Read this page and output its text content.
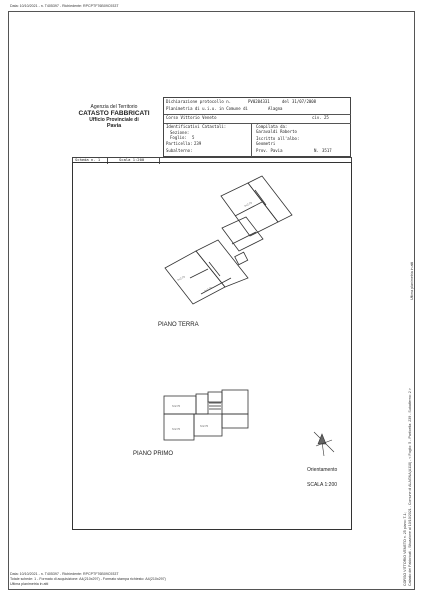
Data: 10/10/2021 - n. T405397 - Richiedente: RPCPTF76B09C933T
Agenzia del Territorio
CATASTO FABBRICATI
Ufficio Provinciale di
Pavia
Dichiarazione protocollo n.	PV0204331	del 31/07/2008
Planimetria di u.i.u. in Comune di	Alagna
Corso Vittorio Veneto	civ. 25
Identificativi Catastali:
Sezione:
Foglio: 5
Particella: 239
Subalterno:
Compilata da:
Garavaldi Roberto
Iscritto all'albo:
Geometri
Prov. Pavia	N. 3517
Scheda n. 1	Scala 1:200
h=2.70
h=2.70
h=2.70
h=2.70
h=2.70
h=2.70
PIANO TERRA
PIANO PRIMO
Orientamento
SCALA 1:200	Catasto dei Fabbricati - Situazione al 10/10/2021 - Comune di ALAGNA(A118) - < Foglio: 5 - Particella: 239 - Subalterno: 2 >
CORSO VITTORIO VENETO n. 25 piano: T-1;
Ultima planimetria in atti
Data: 10/10/2021 - n. T405397 - Richiedente: RPCPTF76B09C933T
Totale schede: 1 - Formato di acquisizione: A4(210x297) - Formato stampa richiesto: A4(210x297)
Ultima planimetria in atti
